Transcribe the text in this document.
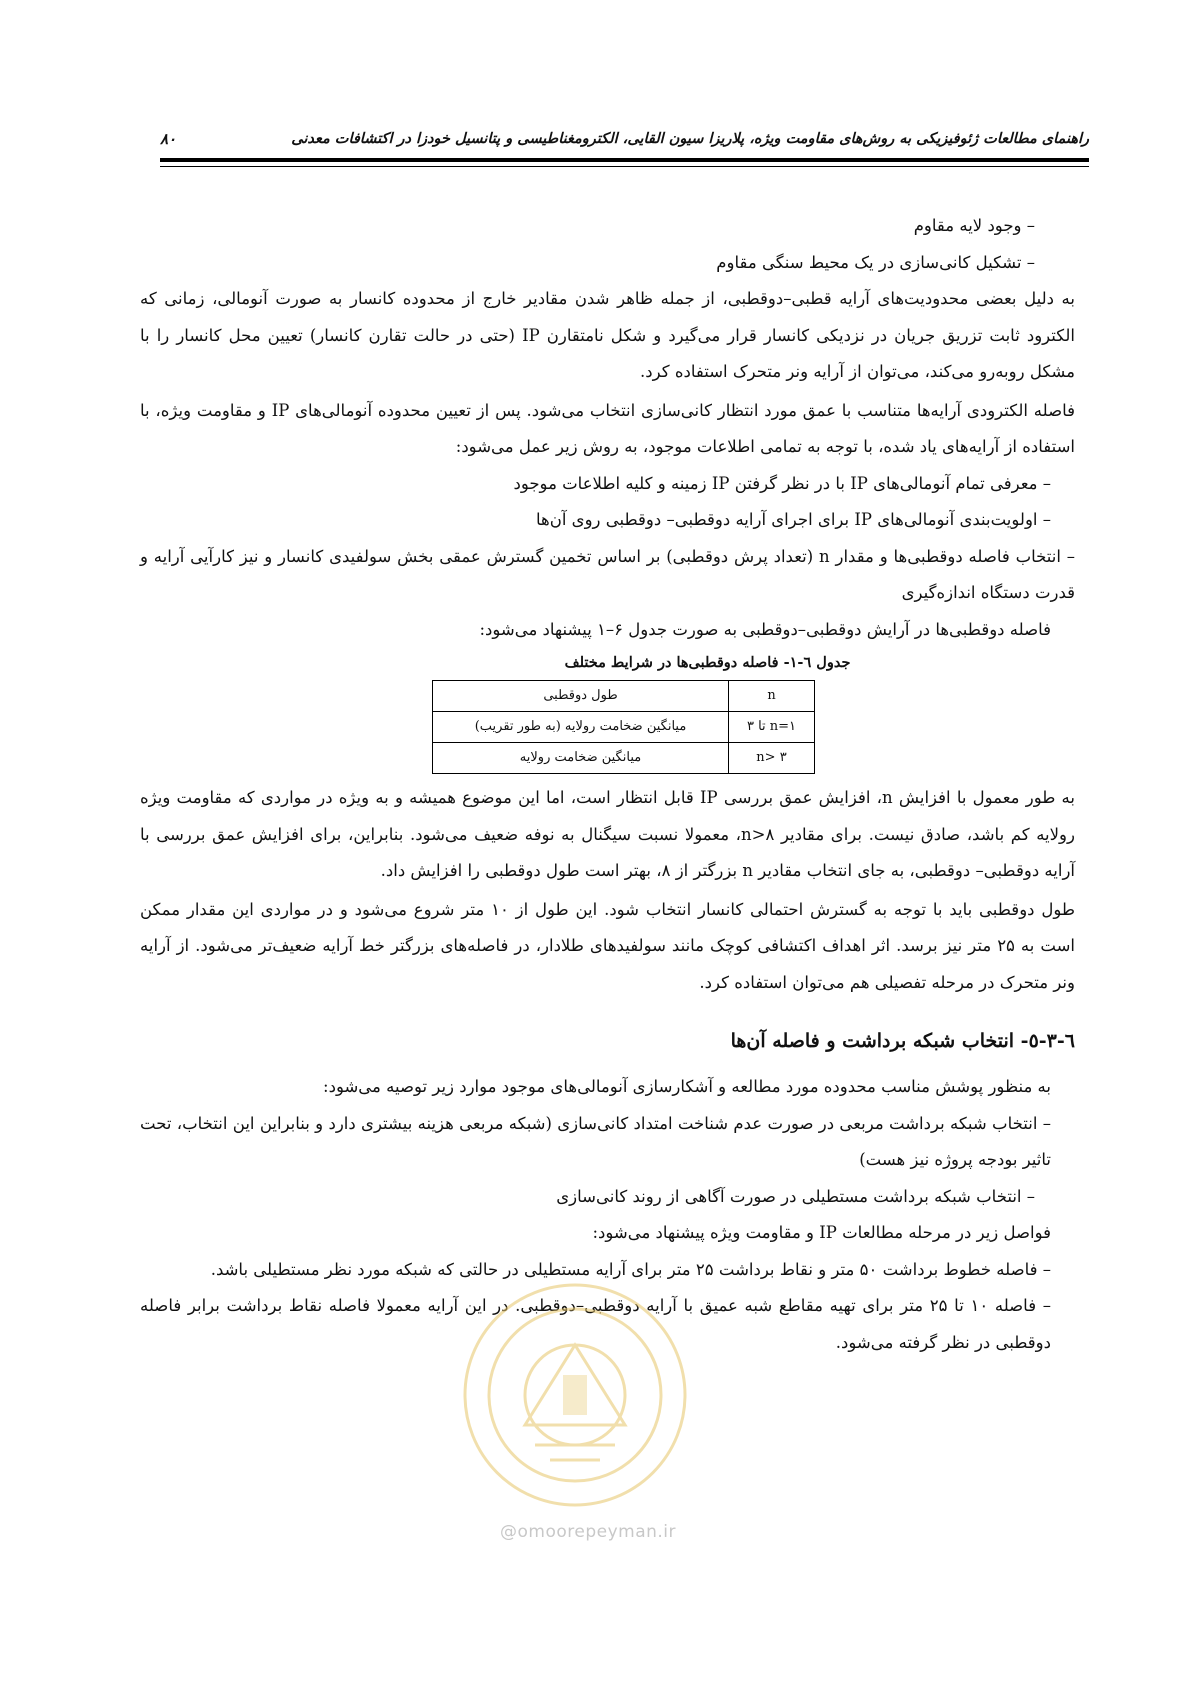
راهنمای مطالعات ژئوفیزیکی به روش‌های مقاومت ویژه، پلاریزا سیون القایی، الکترومغناطیسی و پتانسیل خودزا در اکتشافات معدنی
۸۰

– وجود لایه مقاوم

– تشکیل کانی‌سازی در یک محیط سنگی مقاوم

به دلیل بعضی محدودیت‌های آرایه قطبی–دوقطبی، از جمله ظاهر شدن مقادیر خارج از محدوده کانسار به صورت آنومالی، زمانی که الکترود ثابت تزریق جریان در نزدیکی کانسار قرار می‌گیرد و شکل نامتقارن IP (حتی در حالت تقارن کانسار) تعیین محل کانسار را با مشکل روبه‌رو می‌کند، می‌توان از آرایه ونر متحرک استفاده کرد.

فاصله الکترودی آرایه‌ها متناسب با عمق مورد انتظار کانی‌سازی انتخاب می‌شود. پس از تعیین محدوده آنومالی‌های IP و مقاومت ویژه، با استفاده از آرایه‌های یاد شده، با توجه به تمامی اطلاعات موجود، به روش زیر عمل می‌شود:

– معرفی تمام آنومالی‌های IP با در نظر گرفتن IP زمینه و کلیه اطلاعات موجود

– اولویت‌بندی آنومالی‌های IP برای اجرای آرایه دوقطبی– دوقطبی روی آن‌ها

– انتخاب فاصله دوقطبی‌ها و مقدار n (تعداد پرش دوقطبی) بر اساس تخمین گسترش عمقی بخش سولفیدی کانسار و نیز کارآیی آرایه و قدرت دستگاه اندازه‌گیری

فاصله دوقطبی‌ها در آرایش دوقطبی–دوقطبی به صورت جدول ۶–۱ پیشنهاد می‌شود:

جدول ٦-١- فاصله دوقطبی‌ها در شرایط مختلف
n	طول دوقطبی
n=۱ تا ۳	میانگین ضخامت رولایه (به طور تقریب)
n> ۳	میانگین ضخامت رولایه

به طور معمول با افزایش n، افزایش عمق بررسی IP قابل انتظار است، اما این موضوع همیشه و به ویژه در مواردی که مقاومت ویژه رولایه کم باشد، صادق نیست. برای مقادیر n>۸، معمولا نسبت سیگنال به نوفه ضعیف می‌شود. بنابراین، برای افزایش عمق بررسی با آرایه دوقطبی– دوقطبی، به جای انتخاب مقادیر n بزرگتر از ۸، بهتر است طول دوقطبی را افزایش داد.

طول دوقطبی باید با توجه به گسترش احتمالی کانسار انتخاب شود. این طول از ۱۰ متر شروع می‌شود و در مواردی این مقدار ممکن است به ۲۵ متر نیز برسد. اثر اهداف اکتشافی کوچک مانند سولفیدهای طلادار، در فاصله‌های بزرگتر خط آرایه ضعیف‌تر می‌شود. از آرایه ونر متحرک در مرحله تفصیلی هم می‌توان استفاده کرد.

٦-٣-٥- انتخاب شبکه برداشت و فاصله آن‌ها

به منظور پوشش مناسب محدوده مورد مطالعه و آشکارسازی آنومالی‌های موجود موارد زیر توصیه می‌شود:

– انتخاب شبکه برداشت مربعی در صورت عدم شناخت امتداد کانی‌سازی (شبکه مربعی هزینه بیشتری دارد و بنابراین این انتخاب، تحت تاثیر بودجه پروژه نیز هست)

– انتخاب شبکه برداشت مستطیلی در صورت آگاهی از روند کانی‌سازی

فواصل زیر در مرحله مطالعات IP و مقاومت ویژه پیشنهاد می‌شود:

– فاصله خطوط برداشت ۵۰ متر و نقاط برداشت ۲۵ متر برای آرایه مستطیلی در حالتی که شبکه مورد نظر مستطیلی باشد.

– فاصله ۱۰ تا ۲۵ متر برای تهیه مقاطع شبه عمیق با آرایه دوقطبی–دوقطبی. در این آرایه معمولا فاصله نقاط برداشت برابر فاصله دوقطبی در نظر گرفته می‌شود.

@omoorepeyman.ir
